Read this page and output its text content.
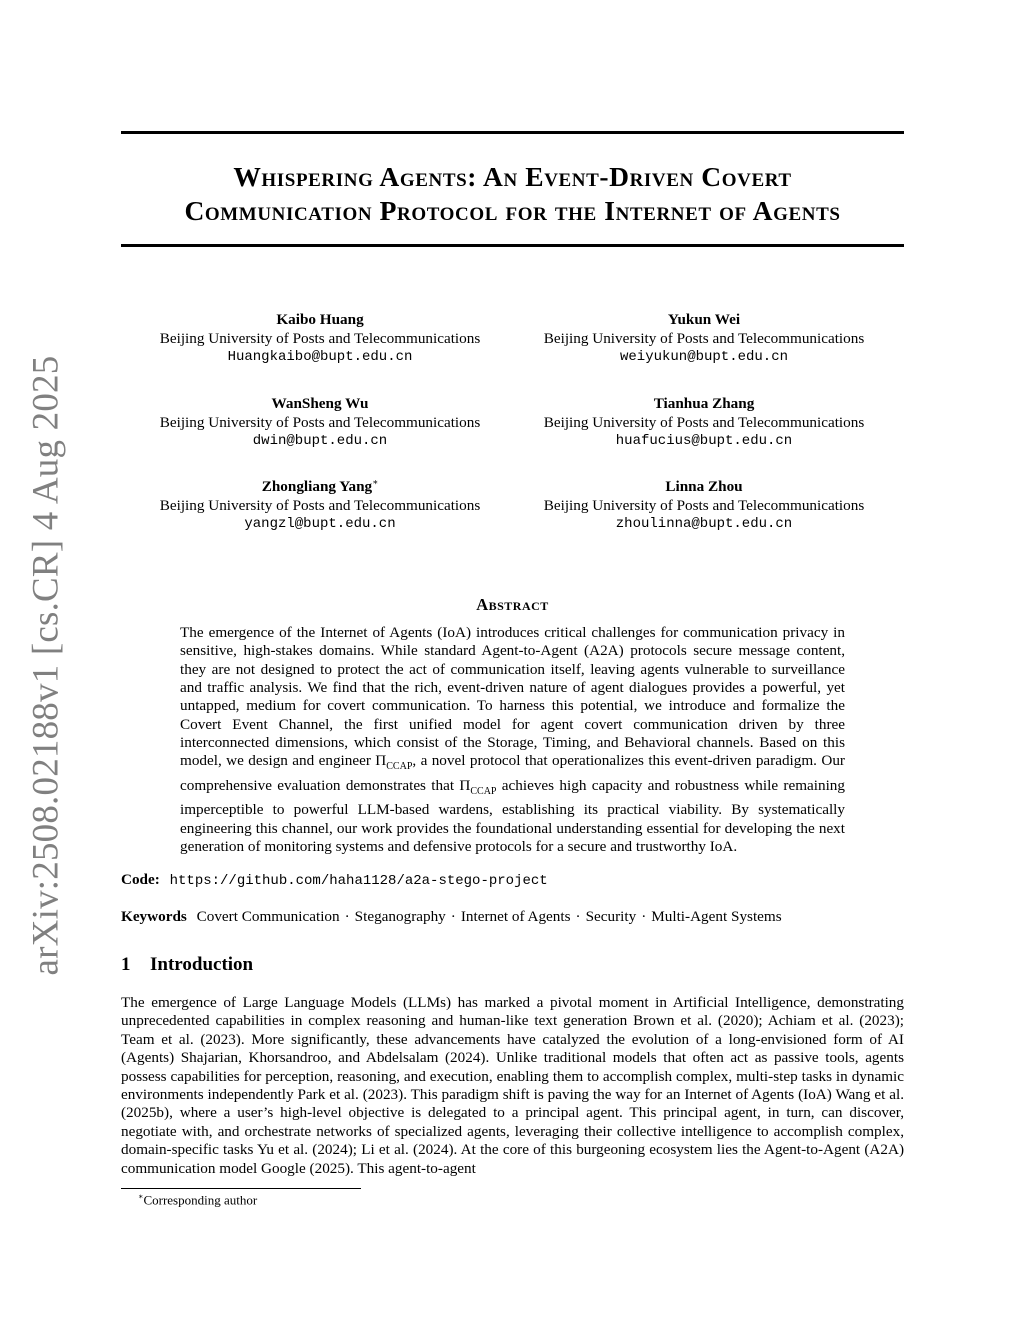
arXiv:2508.02188v1 [cs.CR] 4 Aug 2025
Whispering Agents: An Event-Driven Covert
Communication Protocol for the Internet of Agents
Kaibo Huang
Beijing University of Posts and Telecommunications
Huangkaibo@bupt.edu.cn
WanSheng Wu
Beijing University of Posts and Telecommunications
dwin@bupt.edu.cn
Zhongliang Yang∗
Beijing University of Posts and Telecommunications
yangzl@bupt.edu.cn
Yukun Wei
Beijing University of Posts and Telecommunications
weiyukun@bupt.edu.cn
Tianhua Zhang
Beijing University of Posts and Telecommunications
huafucius@bupt.edu.cn
Linna Zhou
Beijing University of Posts and Telecommunications
zhoulinna@bupt.edu.cn
Abstract

The emergence of the Internet of Agents (IoA) introduces critical challenges for communication privacy in sensitive, high-stakes domains. While standard Agent-to-Agent (A2A) protocols secure message content, they are not designed to protect the act of communication itself, leaving agents vulnerable to surveillance and traffic analysis. We find that the rich, event-driven nature of agent dialogues provides a powerful, yet untapped, medium for covert communication. To harness this potential, we introduce and formalize the Covert Event Channel, the first unified model for agent covert communication driven by three interconnected dimensions, which consist of the Storage, Timing, and Behavioral channels. Based on this model, we design and engineer $\Pi_{CCAP}$, a novel protocol that operationalizes this event-driven paradigm. Our comprehensive evaluation demonstrates that $\Pi_{CCAP}$ achieves high capacity and robustness while remaining imperceptible to powerful LLM-based wardens, establishing its practical viability. By systematically engineering this channel, our work provides the foundational understanding essential for developing the next generation of monitoring systems and defensive protocols for a secure and trustworthy IoA.

Code: https://github.com/haha1128/a2a-stego-project
Keywords Covert Communication · Steganography · Internet of Agents · Security · Multi-Agent Systems
1 Introduction

The emergence of Large Language Models (LLMs) has marked a pivotal moment in Artificial Intelligence, demonstrating unprecedented capabilities in complex reasoning and human-like text generation Brown et al. (2020); Achiam et al. (2023); Team et al. (2023). More significantly, these advancements have catalyzed the evolution of a long-envisioned form of AI (Agents) Shajarian, Khorsandroo, and Abdelsalam (2024). Unlike traditional models that often act as passive tools, agents possess capabilities for perception, reasoning, and execution, enabling them to accomplish complex, multi-step tasks in dynamic environments independently Park et al. (2023). This paradigm shift is paving the way for an Internet of Agents (IoA) Wang et al. (2025b), where a user’s high-level objective is delegated to a principal agent. This principal agent, in turn, can discover, negotiate with, and orchestrate networks of specialized agents, leveraging their collective intelligence to accomplish complex, domain-specific tasks Yu et al. (2024); Li et al. (2024). At the core of this burgeoning ecosystem lies the Agent-to-Agent (A2A) communication model Google (2025). This agent-to-agent

∗Corresponding author
